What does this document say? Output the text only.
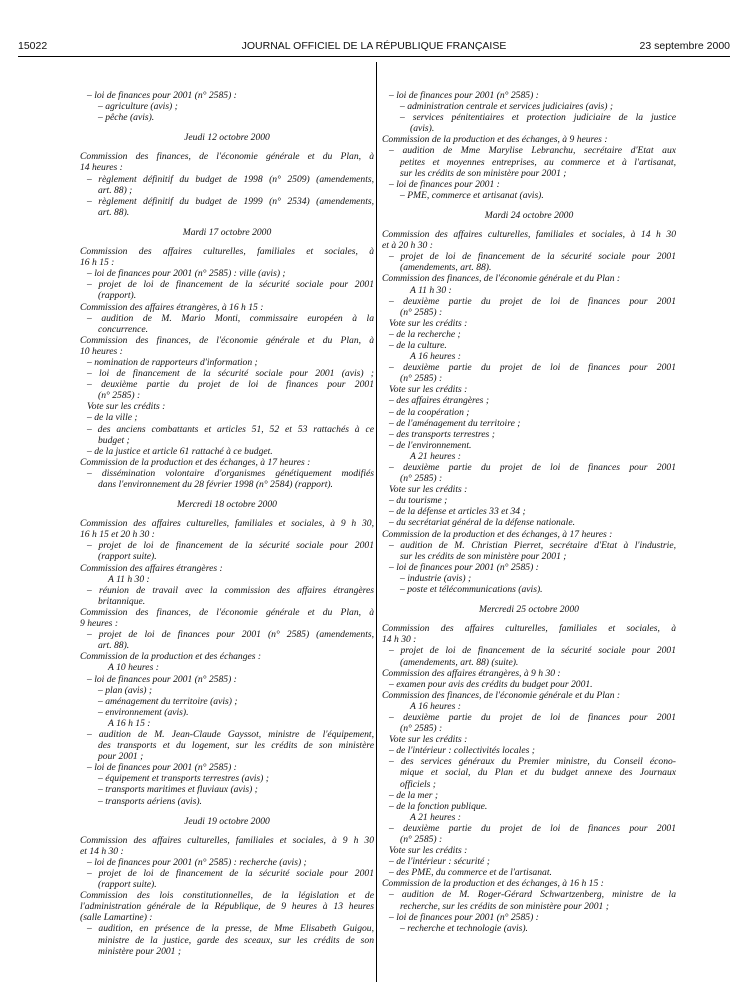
15022	JOURNAL OFFICIEL DE LA RÉPUBLIQUE FRANÇAISE	23 septembre 2000
– loi de finances pour 2001 (n° 2585) :
– agriculture (avis) ;
– pêche (avis).
Jeudi 12 octobre 2000
Commission des finances, de l'économie générale et du Plan, à
14 heures :
– règlement définitif du budget de 1998 (n° 2509) (amendements,
art. 88) ;
– règlement définitif du budget de 1999 (n° 2534) (amendements,
art. 88).
Mardi 17 octobre 2000
Commission des affaires culturelles, familiales et sociales, à
16 h 15 :
– loi de finances pour 2001 (n° 2585) : ville (avis) ;
– projet de loi de financement de la sécurité sociale pour 2001
(rapport).
Commission des affaires étrangères, à 16 h 15 :
– audition de M. Mario Monti, commissaire européen à la
concurrence.
Commission des finances, de l'économie générale et du Plan, à
10 heures :
– nomination de rapporteurs d'information ;
– loi de financement de la sécurité sociale pour 2001 (avis) ;
– deuxième partie du projet de loi de finances pour 2001
(n° 2585) :
Vote sur les crédits :
– de la ville ;
– des anciens combattants et articles 51, 52 et 53 rattachés à ce
budget ;
– de la justice et article 61 rattaché à ce budget.
Commission de la production et des échanges, à 17 heures :
– dissémination volontaire d'organismes génétiquement modifiés
dans l'environnement du 28 février 1998 (n° 2584) (rapport).
Mercredi 18 octobre 2000
Commission des affaires culturelles, familiales et sociales, à 9 h 30,
16 h 15 et 20 h 30 :
– projet de loi de financement de la sécurité sociale pour 2001
(rapport suite).
Commission des affaires étrangères :
A 11 h 30 :
– réunion de travail avec la commission des affaires étrangères
britannique.
Commission des finances, de l'économie générale et du Plan, à
9 heures :
– projet de loi de finances pour 2001 (n° 2585) (amendements,
art. 88).
Commission de la production et des échanges :
A 10 heures :
– loi de finances pour 2001 (n° 2585) :
– plan (avis) ;
– aménagement du territoire (avis) ;
– environnement (avis).
A 16 h 15 :
– audition de M. Jean-Claude Gayssot, ministre de l'équipement,
des transports et du logement, sur les crédits de son ministère
pour 2001 ;
– loi de finances pour 2001 (n° 2585) :
– équipement et transports terrestres (avis) ;
– transports maritimes et fluviaux (avis) ;
– transports aériens (avis).
Jeudi 19 octobre 2000
Commission des affaires culturelles, familiales et sociales, à 9 h 30
et 14 h 30 :
– loi de finances pour 2001 (n° 2585) : recherche (avis) ;
– projet de loi de financement de la sécurité sociale pour 2001
(rapport suite).
Commission des lois constitutionnelles, de la législation et de
l'administration générale de la République, de 9 heures à 13 heures
(salle Lamartine) :
– audition, en présence de la presse, de Mme Elisabeth Guigou,
ministre de la justice, garde des sceaux, sur les crédits de son
ministère pour 2001 ;
– loi de finances pour 2001 (n° 2585) :
– administration centrale et services judiciaires (avis) ;
– services pénitentiaires et protection judiciaire de la justice
(avis).
Commission de la production et des échanges, à 9 heures :
– audition de Mme Marylise Lebranchu, secrétaire d'Etat aux
petites et moyennes entreprises, au commerce et à l'artisanat,
sur les crédits de son ministère pour 2001 ;
– loi de finances pour 2001 :
– PME, commerce et artisanat (avis).
Mardi 24 octobre 2000
Commission des affaires culturelles, familiales et sociales, à 14 h 30
et à 20 h 30 :
– projet de loi de financement de la sécurité sociale pour 2001
(amendements, art. 88).
Commission des finances, de l'économie générale et du Plan :
A 11 h 30 :
– deuxième partie du projet de loi de finances pour 2001
(n° 2585) :
Vote sur les crédits :
– de la recherche ;
– de la culture.
A 16 heures :
– deuxième partie du projet de loi de finances pour 2001
(n° 2585) :
Vote sur les crédits :
– des affaires étrangères ;
– de la coopération ;
– de l'aménagement du territoire ;
– des transports terrestres ;
– de l'environnement.
A 21 heures :
– deuxième partie du projet de loi de finances pour 2001
(n° 2585) :
Vote sur les crédits :
– du tourisme ;
– de la défense et articles 33 et 34 ;
– du secrétariat général de la défense nationale.
Commission de la production et des échanges, à 17 heures :
– audition de M. Christian Pierret, secrétaire d'Etat à l'industrie,
sur les crédits de son ministère pour 2001 ;
– loi de finances pour 2001 (n° 2585) :
– industrie (avis) ;
– poste et télécommunications (avis).
Mercredi 25 octobre 2000
Commission des affaires culturelles, familiales et sociales, à
14 h 30 :
– projet de loi de financement de la sécurité sociale pour 2001
(amendements, art. 88) (suite).
Commission des affaires étrangères, à 9 h 30 :
– examen pour avis des crédits du budget pour 2001.
Commission des finances, de l'économie générale et du Plan :
A 16 heures :
– deuxième partie du projet de loi de finances pour 2001
(n° 2585) :
Vote sur les crédits :
– de l'intérieur : collectivités locales ;
– des services généraux du Premier ministre, du Conseil écono-
mique et social, du Plan et du budget annexe des Journaux
officiels ;
– de la mer ;
– de la fonction publique.
A 21 heures :
– deuxième partie du projet de loi de finances pour 2001
(n° 2585) :
Vote sur les crédits :
– de l'intérieur : sécurité ;
– des PME, du commerce et de l'artisanat.
Commission de la production et des échanges, à 16 h 15 :
– audition de M. Roger-Gérard Schwartzenberg, ministre de la
recherche, sur les crédits de son ministère pour 2001 ;
– loi de finances pour 2001 (n° 2585) :
– recherche et technologie (avis).
